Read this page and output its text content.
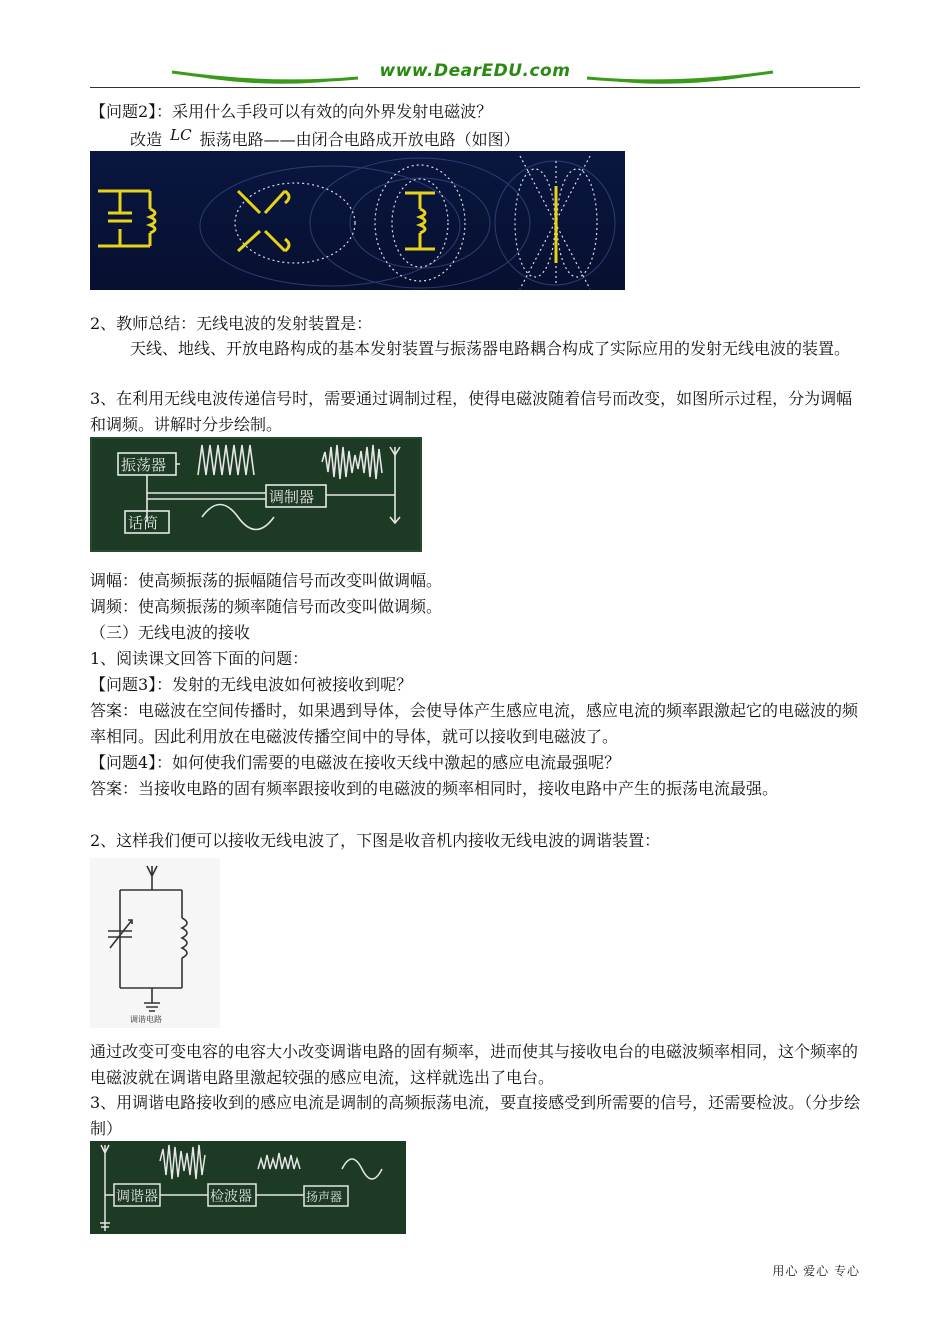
www.DearEDU.com
【问题2】：采用什么手段可以有效的向外界发射电磁波？
改造 LC 振荡电路——由闭合电路成开放电路（如图）
2、教师总结：无线电波的发射装置是：
天线、地线、开放电路构成的基本发射装置与振荡器电路耦合构成了实际应用的发射无线电波的装置。
3、在利用无线电波传递信号时，需要通过调制过程，使得电磁波随着信号而改变，如图所示过程，分为调幅和调频。讲解时分步绘制。
振荡器
话筒
调制器
调幅：使高频振荡的振幅随信号而改变叫做调幅。
调频：使高频振荡的频率随信号而改变叫做调频。
（三）无线电波的接收
1、阅读课文回答下面的问题：
【问题3】：发射的无线电波如何被接收到呢？
答案：电磁波在空间传播时，如果遇到导体，会使导体产生感应电流，感应电流的频率跟激起它的电磁波的频率相同。因此利用放在电磁波传播空间中的导体，就可以接收到电磁波了。
【问题4】：如何使我们需要的电磁波在接收天线中激起的感应电流最强呢？
答案：当接收电路的固有频率跟接收到的电磁波的频率相同时，接收电路中产生的振荡电流最强。
2、这样我们便可以接收无线电波了，下图是收音机内接收无线电波的调谐装置：
调谐电路
通过改变可变电容的电容大小改变调谐电路的固有频率，进而使其与接收电台的电磁波频率相同，这个频率的电磁波就在调谐电路里激起较强的感应电流，这样就选出了电台。
3、用调谐电路接收到的感应电流是调制的高频振荡电流，要直接感受到所需要的信号，还需要检波。（分步绘制）
调谐器	检波器	扬声器
用心 爱心 专心
